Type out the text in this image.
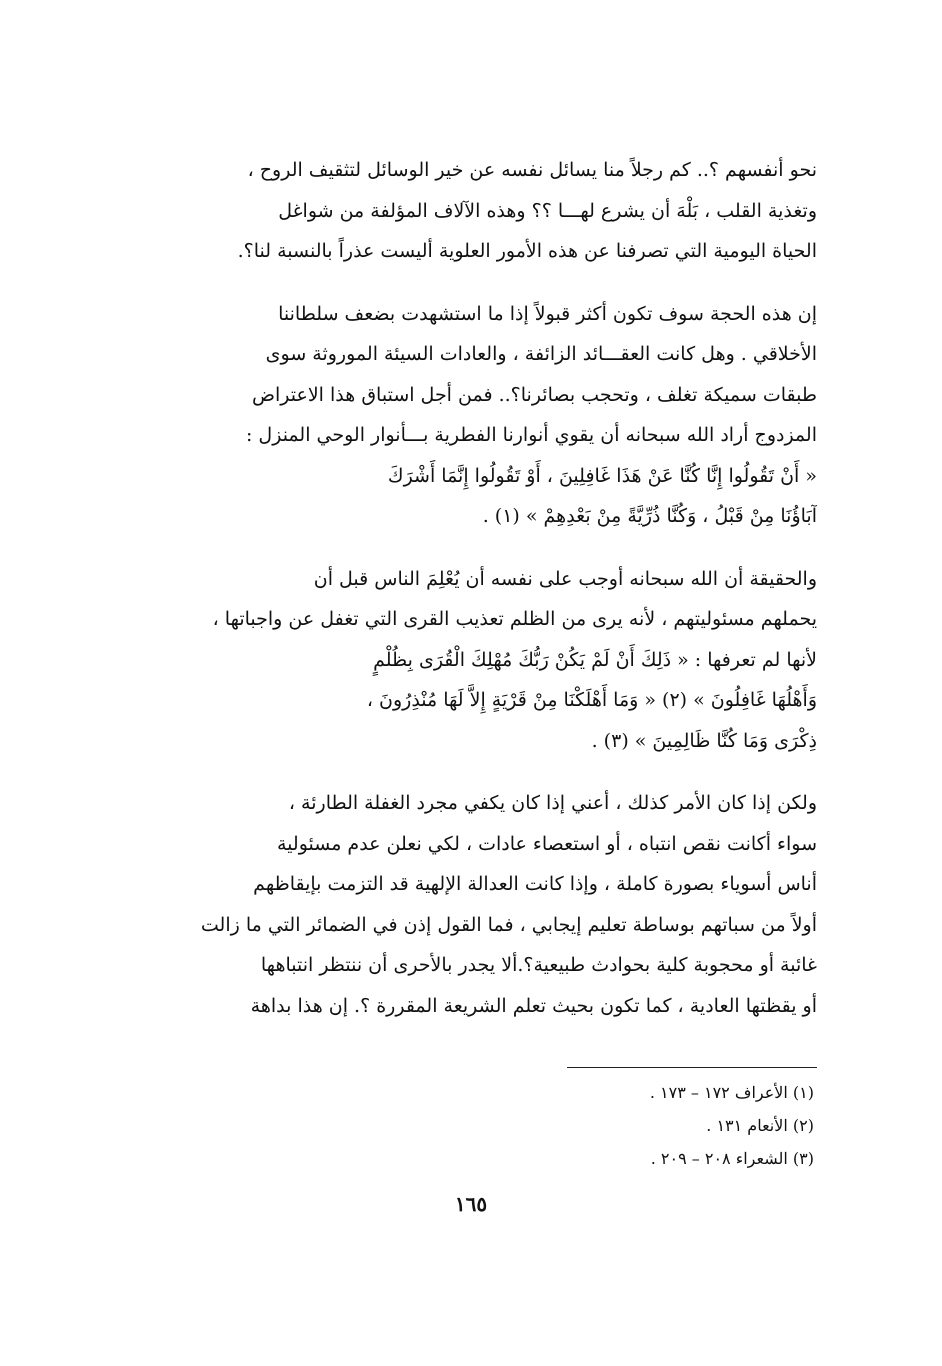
نحو أنفسهم ؟.. كم رجلاً منا يسائل نفسه عن خير الوسائل لتثقيف الروح ،
وتغذية القلب ، بَلْهَ أن يشرع لهـــا ؟؟ وهذه الآلاف المؤلفة من شواغل
الحياة اليومية التي تصرفنا عن هذه الأمور العلوية أليست عذراً بالنسبة لنا؟.

إن هذه الحجة سوف تكون أكثر قبولاً إذا ما استشهدت بضعف سلطاننا
الأخلاقي . وهل كانت العقـــائد الزائفة ، والعادات السيئة الموروثة سوى
طبقات سميكة تغلف ، وتحجب بصائرنا؟.. فمن أجل استباق هذا الاعتراض
المزدوج أراد الله سبحانه أن يقوي أنوارنا الفطرية بـــأنوار الوحي المنزل :
« أَنْ تَقُولُوا إِنَّا كُنَّا عَنْ هَذَا غَافِلِينَ ، أَوْ تَقُولُوا إِنَّمَا أَشْرَكَ
آبَاؤُنَا مِنْ قَبْلُ ، وَكُنَّا ذُرِّيَّةً مِنْ بَعْدِهِمْ » (١) .

والحقيقة أن الله سبحانه أوجب على نفسه أن يُعْلِمَ الناس قبل أن
يحملهم مسئوليتهم ، لأنه يرى من الظلم تعذيب القرى التي تغفل عن واجباتها ،
لأنها لم تعرفها : « ذَلِكَ أَنْ لَمْ يَكُنْ رَبُّكَ مُهْلِكَ الْقُرَى بِظُلْمٍ
وَأَهْلُهَا غَافِلُونَ » (٢) « وَمَا أَهْلَكْنَا مِنْ قَرْيَةٍ إِلاَّ لَهَا مُنْذِرُونَ ،
ذِكْرَى وَمَا كُنَّا ظَالِمِينَ » (٣) .

ولكن إذا كان الأمر كذلك ، أعني إذا كان يكفي مجرد الغفلة الطارئة ،
سواء أكانت نقص انتباه ، أو استعصاء عادات ، لكي نعلن عدم مسئولية
أناس أسوياء بصورة كاملة ، وإذا كانت العدالة الإلهية قد التزمت بإيقاظهم
أولاً من سباتهم بوساطة تعليم إيجابي ، فما القول إذن في الضمائر التي ما زالت
غائبة أو محجوبة كلية بحوادث طبيعية؟.ألا يجدر بالأحرى أن ننتظر انتباهها
أو يقظتها العادية ، كما تكون بحيث تعلم الشريعة المقررة ؟. إن هذا بداهة

(١) الأعراف ١٧٢ – ١٧٣ .
(٢) الأنعام ١٣١ .
(٣) الشعراء ٢٠٨ – ٢٠٩ .
١٦٥
